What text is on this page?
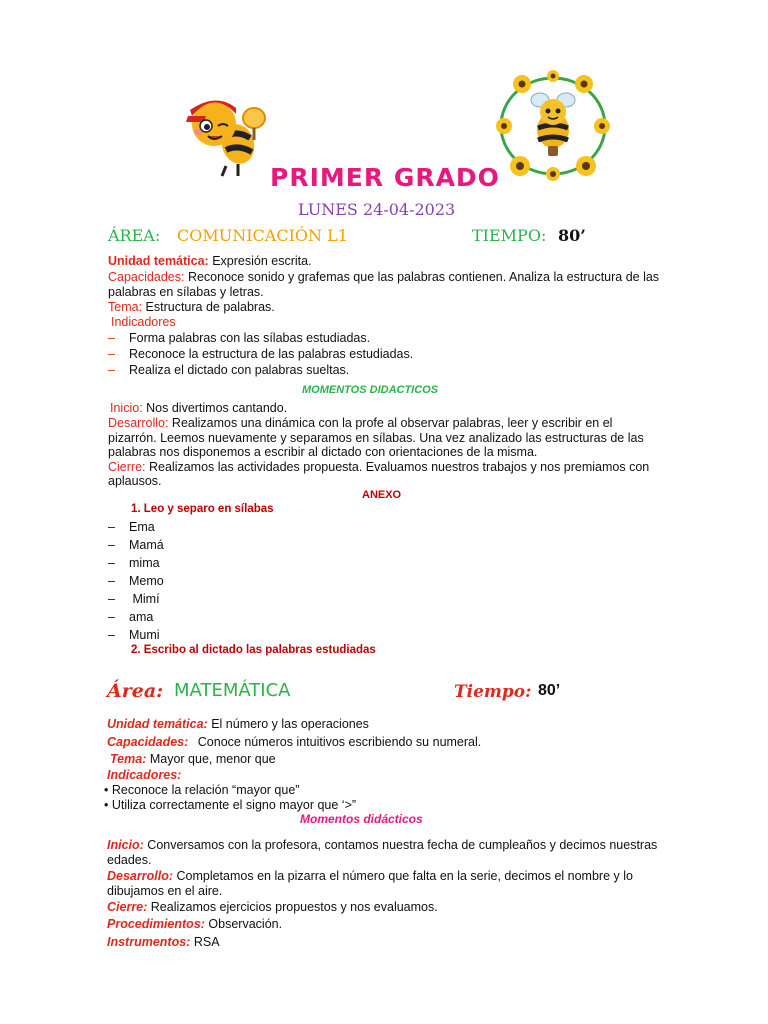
PRIMER GRADO
LUNES 24-04-2023
ÁREA: COMUNICACIÓN L1	TIEMPO: 80’
Unidad temática: Expresión escrita.
Capacidades: Reconoce sonido y grafemas que las palabras contienen. Analiza la estructura de las
palabras en sílabas y letras.
Tema: Estructura de palabras.
Indicadores
– Forma palabras con las sílabas estudiadas.
– Reconoce la estructura de las palabras estudiadas.
– Realiza el dictado con palabras sueltas.
MOMENTOS DIDACTICOS
Inicio: Nos divertimos cantando.
Desarrollo: Realizamos una dinámica con la profe al observar palabras, leer y escribir en el
pizarrón. Leemos nuevamente y separamos en sílabas. Una vez analizado las estructuras de las
palabras nos disponemos a escribir al dictado con orientaciones de la misma.
Cierre: Realizamos las actividades propuesta. Evaluamos nuestros trabajos y nos premiamos con
aplausos.
ANEXO
1. Leo y separo en sílabas
– Ema
– Mamá
– mima
– Memo
– Mimí
– ama
– Mumi
2. Escribo al dictado las palabras estudiadas
Área: MATEMÁTICA	Tiempo: 80’
Unidad temática: El número y las operaciones
Capacidades: Conoce números intuitivos escribiendo su numeral.
Tema: Mayor que, menor que
Indicadores:
• Reconoce la relación “mayor que”
• Utiliza correctamente el signo mayor que ‘>”
Momentos didácticos
Inicio: Conversamos con la profesora, contamos nuestra fecha de cumpleaños y decimos nuestras
edades.
Desarrollo: Completamos en la pizarra el número que falta en la serie, decimos el nombre y lo
dibujamos en el aire.
Cierre: Realizamos ejercicios propuestos y nos evaluamos.
Procedimientos: Observación.
Instrumentos: RSA
